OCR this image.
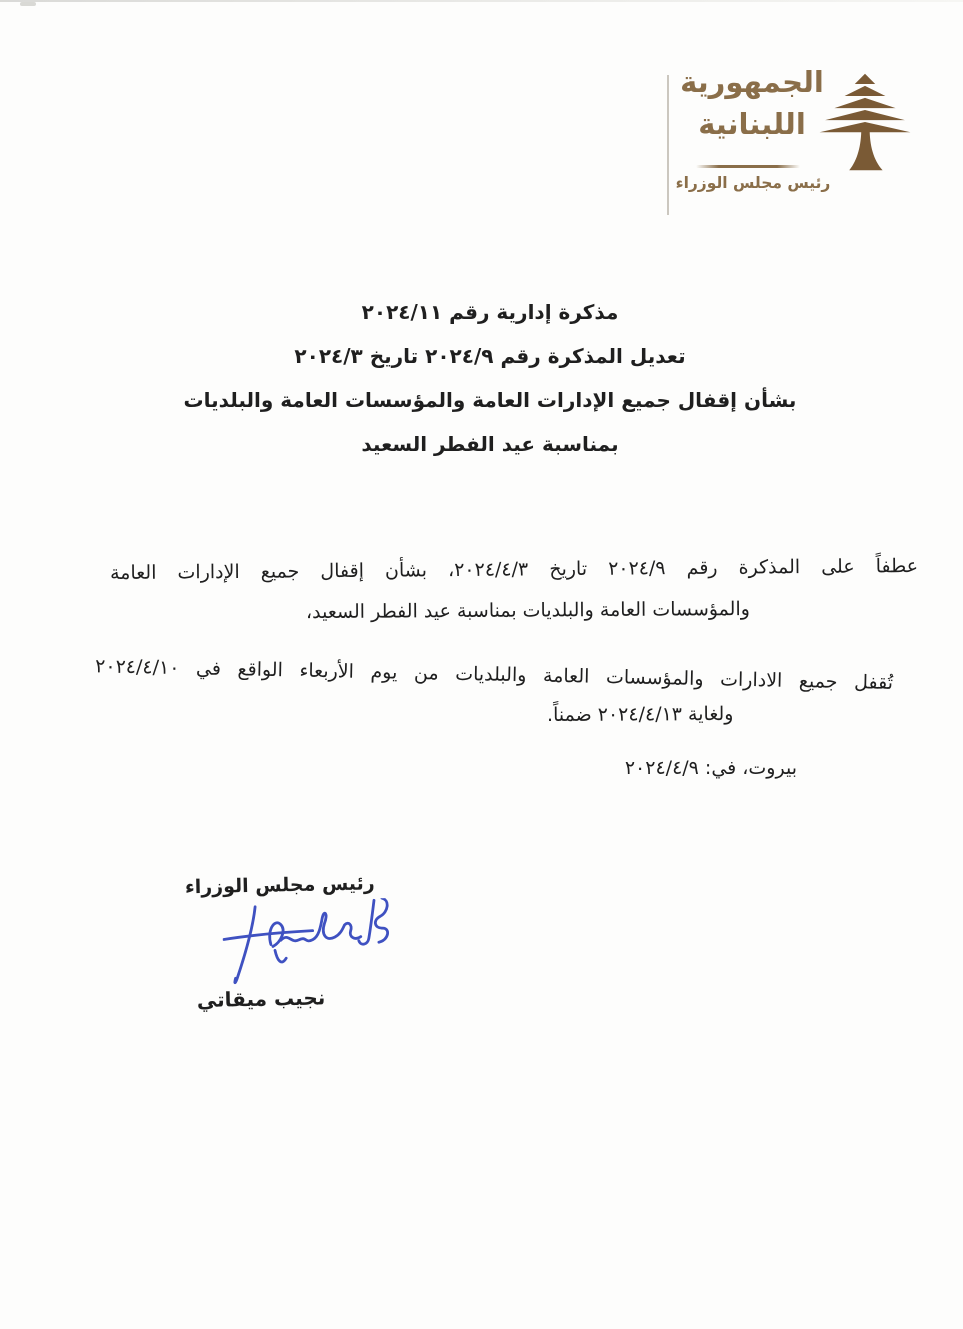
الجمهورية
اللبنانية
رئيس مجلس الوزراء
مذكرة إدارية رقم ٢٠٢٤/١١
تعديل المذكرة رقم ٢٠٢٤/٩ تاريخ ٢٠٢٤/٣
بشأن إقفال جميع الإدارات العامة والمؤسسات العامة والبلديات
بمناسبة عيد الفطر السعيد
عطفاً على المذكرة رقم ٢٠٢٤/٩ تاريخ ٢٠٢٤/٤/٣، بشأن إقفال جميع الإدارات العامة
والمؤسسات العامة والبلديات بمناسبة عيد الفطر السعيد،
تُقفل جميع الادارات والمؤسسات العامة والبلديات من يوم الأربعاء الواقع في ٢٠٢٤/٤/١٠
ولغاية ٢٠٢٤/٤/١٣ ضمناً.
بيروت، في: ٢٠٢٤/٤/٩
رئيس مجلس الوزراء
نجيب ميقاتي
